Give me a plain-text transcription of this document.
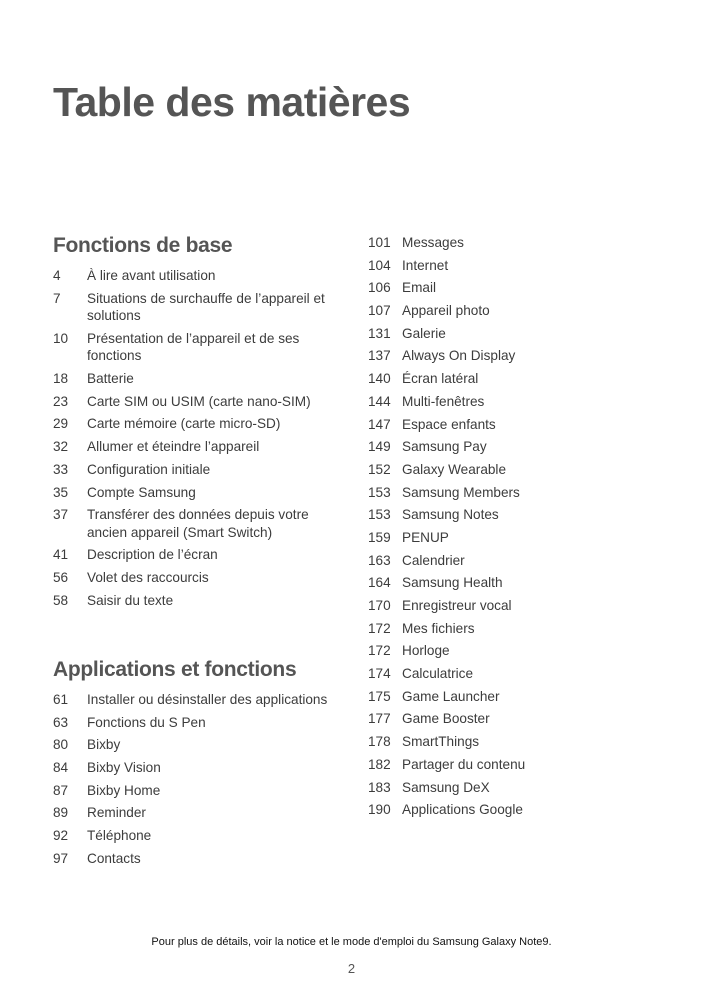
Table des matières
Fonctions de base
4	À lire avant utilisation
7	Situations de surchauffe de l’appareil et solutions
10	Présentation de l’appareil et de ses fonctions
18	Batterie
23	Carte SIM ou USIM (carte nano-SIM)
29	Carte mémoire (carte micro-SD)
32	Allumer et éteindre l’appareil
33	Configuration initiale
35	Compte Samsung
37	Transférer des données depuis votre ancien appareil (Smart Switch)
41	Description de l’écran
56	Volet des raccourcis
58	Saisir du texte
Applications et fonctions
61	Installer ou désinstaller des applications
63	Fonctions du S Pen
80	Bixby
84	Bixby Vision
87	Bixby Home
89	Reminder
92	Téléphone
97	Contacts
101 Messages
104 Internet
106 Email
107 Appareil photo
131 Galerie
137 Always On Display
140 Écran latéral
144 Multi-fenêtres
147 Espace enfants
149 Samsung Pay
152 Galaxy Wearable
153 Samsung Members
153 Samsung Notes
159 PENUP
163 Calendrier
164 Samsung Health
170 Enregistreur vocal
172 Mes fichiers
172 Horloge
174 Calculatrice
175 Game Launcher
177 Game Booster
178 SmartThings
182 Partager du contenu
183 Samsung DeX
190 Applications Google

Pour plus de détails, voir la notice et le mode d'emploi du Samsung Galaxy Note9.

2
